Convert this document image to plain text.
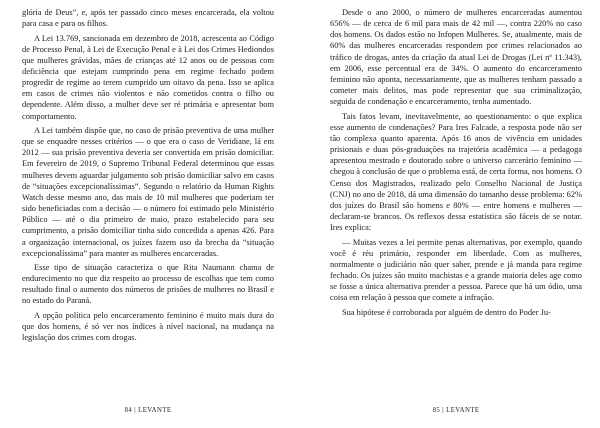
glória de Deus”, e, após ter passado cinco meses encarcerada, ela voltou para casa e para os filhos.

A Lei 13.769, sancionada em dezembro de 2018, acrescenta ao Código de Processo Penal, à Lei de Execução Penal e à Lei dos Crimes Hediondos que mulheres grávidas, mães de crianças até 12 anos ou de pessoas com deficiência que estejam cumprindo pena em regime fechado podem progredir de regime ao terem cumprido um oitavo da pena. Isso se aplica em casos de crimes não violentos e não cometidos contra o filho ou dependente. Além disso, a mulher deve ser ré primária e apresentar bom comportamento.

A Lei também dispõe que, no caso de prisão preventiva de uma mulher que se enquadre nesses critérios — o que era o caso de Veridiane, lá em 2012 — sua prisão preventiva deveria ser convertida em prisão domiciliar. Em fevereiro de 2019, o Supremo Tribunal Federal determinou que essas mulheres devem aguardar julgamento sob prisão domiciliar salvo em casos de “situações excepcionalíssimas”. Segundo o relatório da Human Rights Watch desse mesmo ano, das mais de 10 mil mulheres que poderiam ter sido beneficiadas com a decisão — o número foi estimado pelo Ministério Público — até o dia primeiro de maio, prazo estabelecido para seu cumprimento, a prisão domiciliar tinha sido concedida a apenas 426. Para a organização internacional, os juízes fazem uso da brecha da “situação excepcionalíssima” para manter as mulheres encarceradas.

Esse tipo de situação caracteriza o que Rita Naumann chama de endurecimento no que diz respeito ao processo de escolhas que tem como resultado final o aumento dos números de prisões de mulheres no Brasil e no estado do Paraná.

A opção política pelo encarceramento feminino é muito mais dura do que dos homens, é só ver nos índices à nível nacional, na mudança na legislação dos crimes com drogas.

84 | LEVANTE

Desde o ano 2000, o número de mulheres encarceradas aumentou 656% — de cerca de 6 mil para mais de 42 mil —, contra 220% no caso dos homens. Os dados estão no Infopen Mulheres. Se, atualmente, mais de 60% das mulheres encarceradas respondem por crimes relacionados ao tráfico de drogas, antes da criação da atual Lei de Drogas (Lei nº 11.343), em 2006, esse percentual era de 34%. O aumento do encarceramento feminino não aponta, necessariamente, que as mulheres tenham passado a cometer mais delitos, mas pode representar que sua criminalização, seguida de condenação e encarceramento, tenha aumentado.

Tais fatos levam, inevitavelmente, ao questionamento: o que explica esse aumento de condenações? Para Ires Falcade, a resposta pode não ser tão complexa quanto aparenta. Após 16 anos de vivência em unidades prisionais e duas pós-graduações na trajetória acadêmica — a pedagoga apresentou mestrado e doutorado sobre o universo carcerário feminino — chegou à conclusão de que o problema está, de certa forma, nos homens. O Censo dos Magistrados, realizado pelo Conselho Nacional de Justiça (CNJ) no ano de 2018, dá uma dimensão do tamanho desse problema: 62% dos juízes do Brasil são homens e 80% — entre homens e mulheres — declaram-se brancos. Os reflexos dessa estatística são fáceis de se notar. Ires explica:

— Muitas vezes a lei permite penas alternativas, por exemplo, quando você é réu primário, responder em liberdade. Com as mulheres, normalmente o judiciário não quer saber, prende e já manda para regime fechado. Os juízes são muito machistas e a grande maioria deles age como se fosse a única alternativa prender a pessoa. Parece que há um ódio, uma coisa em relação à pessoa que comete a infração.

Sua hipótese é corroborada por alguém de dentro do Poder Ju-

85 | LEVANTE
